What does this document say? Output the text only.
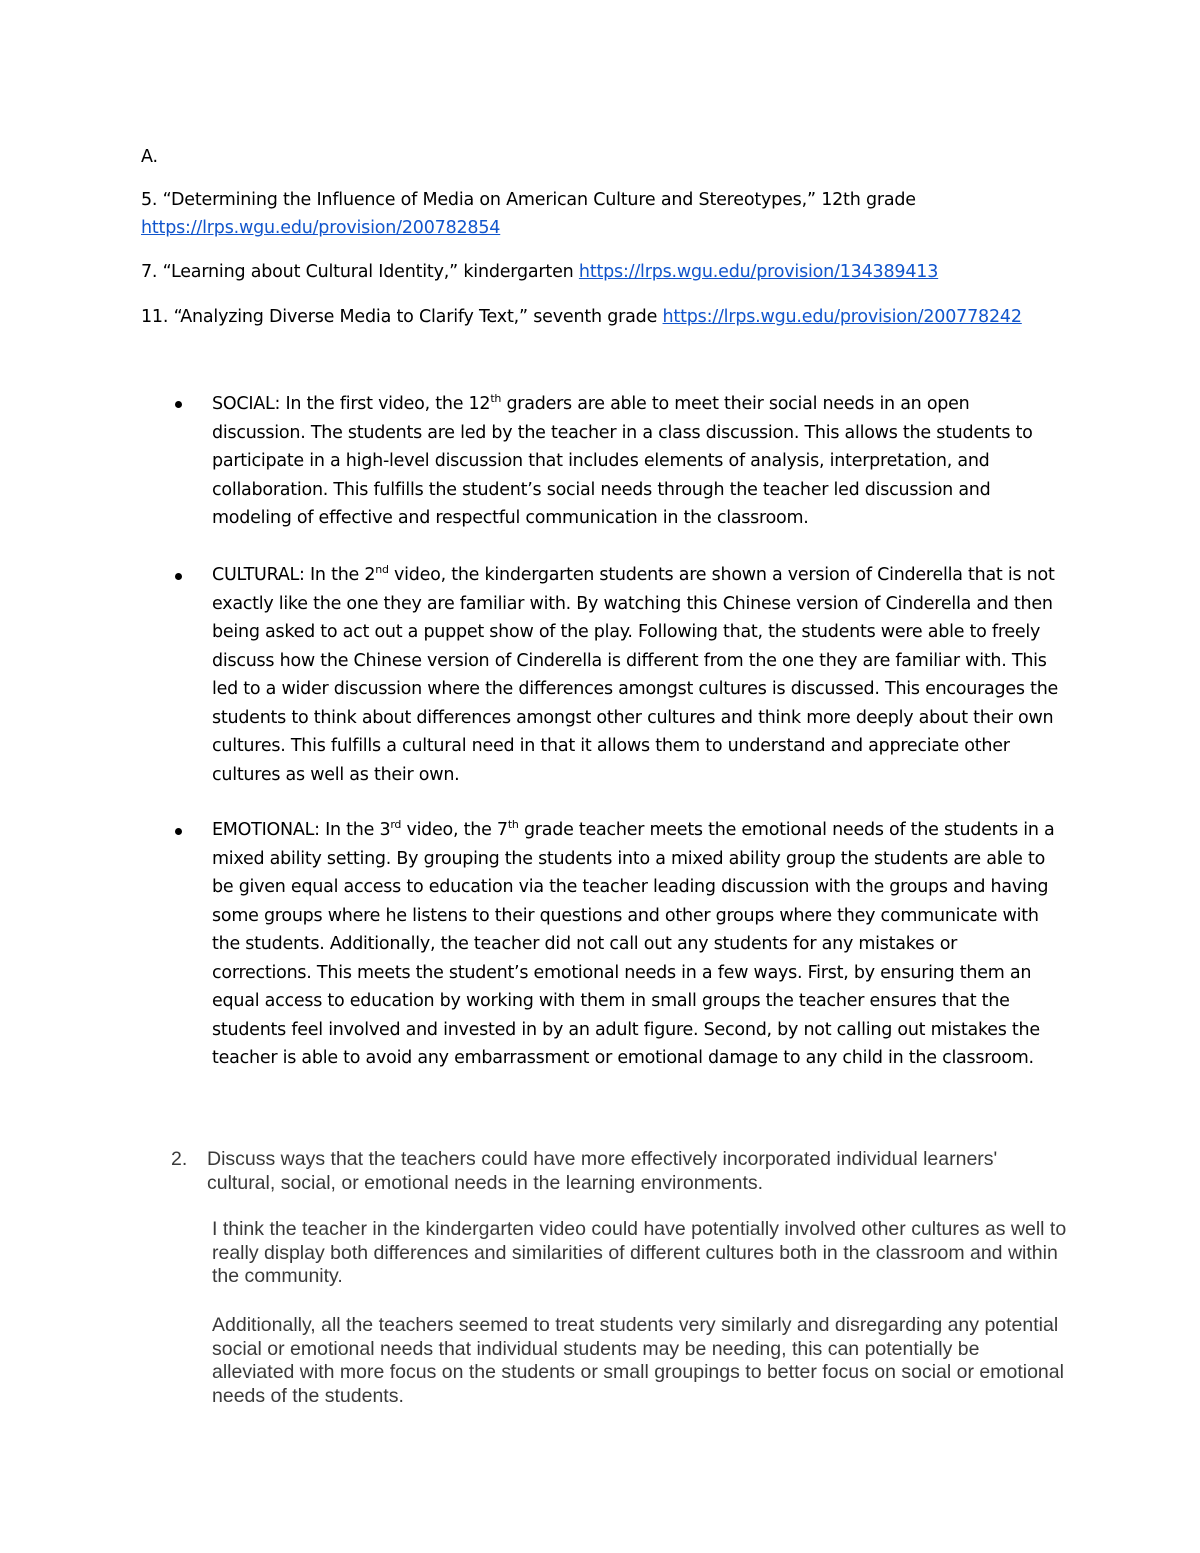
A.
5. “Determining the Influence of Media on American Culture and Stereotypes,” 12th grade
https://lrps.wgu.edu/provision/200782854
7. “Learning about Cultural Identity,” kindergarten https://lrps.wgu.edu/provision/134389413
11. “Analyzing Diverse Media to Clarify Text,” seventh grade https://lrps.wgu.edu/provision/200778242
SOCIAL: In the first video, the 12th graders are able to meet their social needs in an open discussion. The students are led by the teacher in a class discussion. This allows the students to participate in a high-level discussion that includes elements of analysis, interpretation, and collaboration. This fulfills the student’s social needs through the teacher led discussion and modeling of effective and respectful communication in the classroom.
CULTURAL: In the 2nd video, the kindergarten students are shown a version of Cinderella that is not exactly like the one they are familiar with. By watching this Chinese version of Cinderella and then being asked to act out a puppet show of the play. Following that, the students were able to freely discuss how the Chinese version of Cinderella is different from the one they are familiar with. This led to a wider discussion where the differences amongst cultures is discussed. This encourages the students to think about differences amongst other cultures and think more deeply about their own cultures. This fulfills a cultural need in that it allows them to understand and appreciate other cultures as well as their own.
EMOTIONAL: In the 3rd video, the 7th grade teacher meets the emotional needs of the students in a mixed ability setting. By grouping the students into a mixed ability group the students are able to be given equal access to education via the teacher leading discussion with the groups and having some groups where he listens to their questions and other groups where they communicate with the students. Additionally, the teacher did not call out any students for any mistakes or corrections. This meets the student’s emotional needs in a few ways. First, by ensuring them an equal access to education by working with them in small groups the teacher ensures that the students feel involved and invested in by an adult figure. Second, by not calling out mistakes the teacher is able to avoid any embarrassment or emotional damage to any child in the classroom.
2. Discuss ways that the teachers could have more effectively incorporated individual learners' cultural, social, or emotional needs in the learning environments.
I think the teacher in the kindergarten video could have potentially involved other cultures as well to really display both differences and similarities of different cultures both in the classroom and within the community.
Additionally, all the teachers seemed to treat students very similarly and disregarding any potential social or emotional needs that individual students may be needing, this can potentially be alleviated with more focus on the students or small groupings to better focus on social or emotional needs of the students.
